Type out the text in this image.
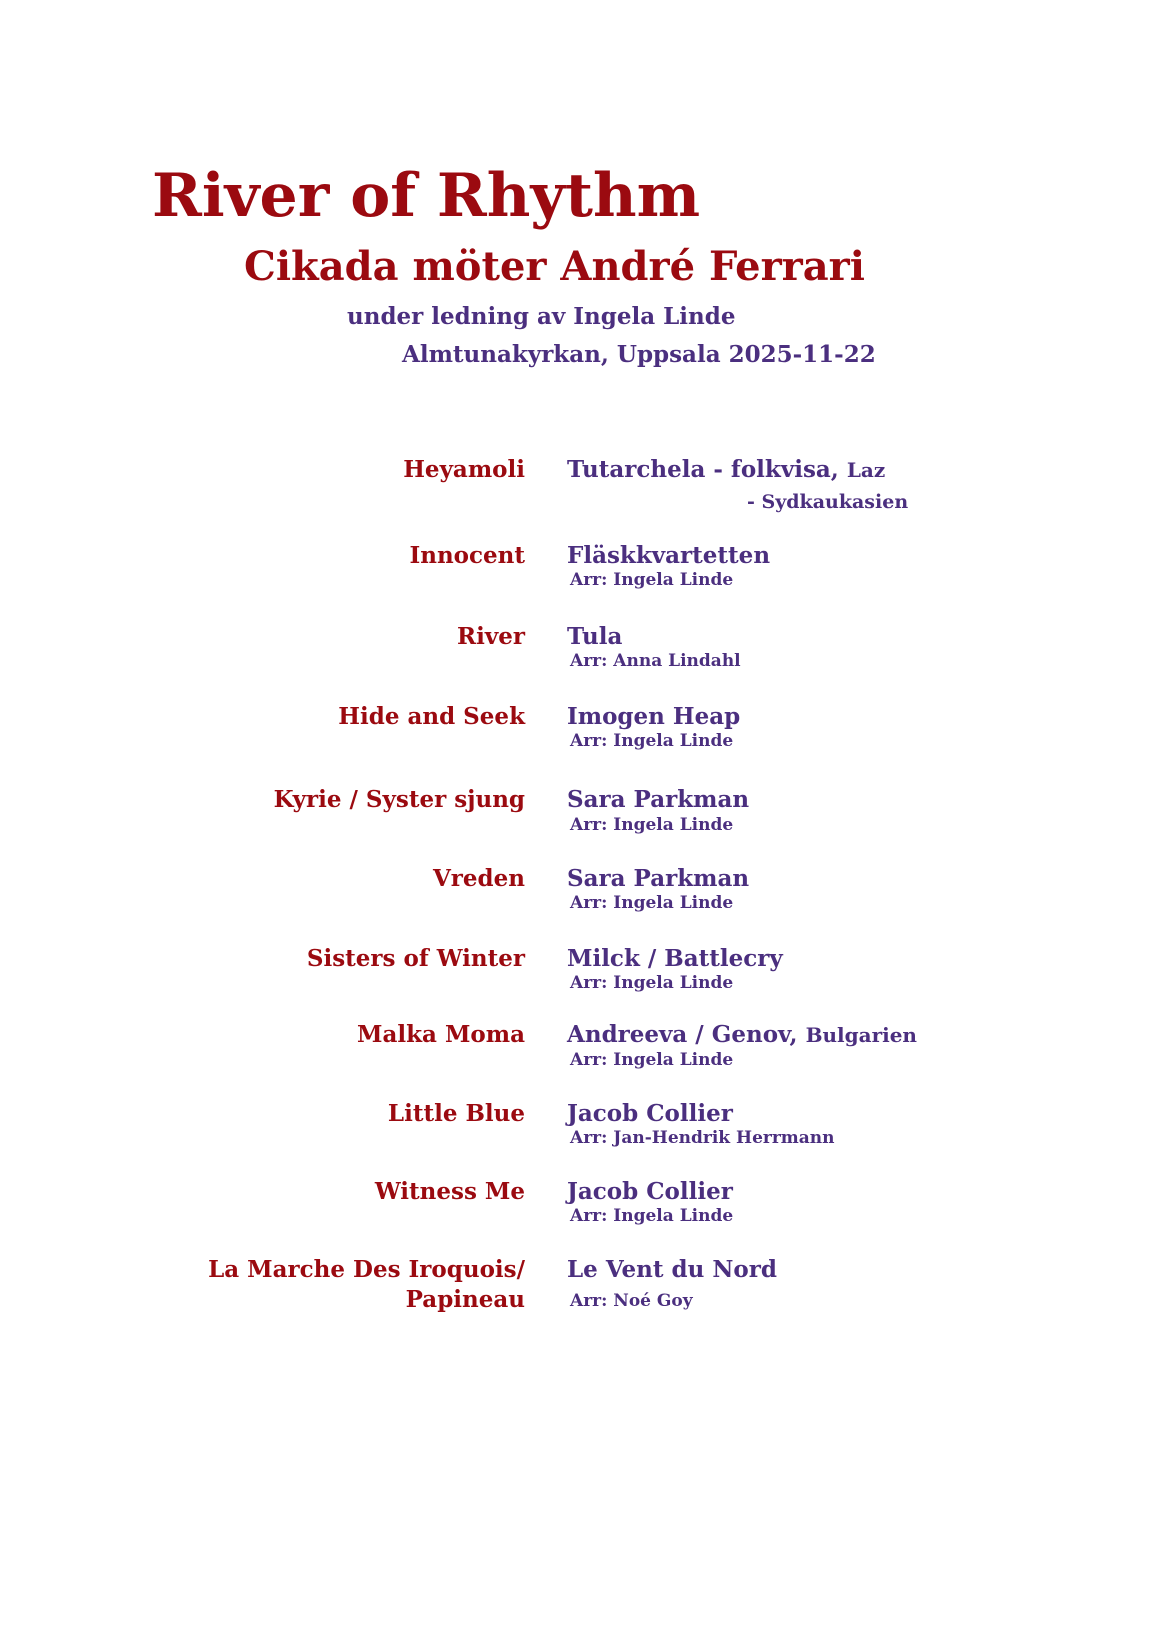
River of Rhythm
Cikada möter André Ferrari
under ledning av Ingela Linde
Almtunakyrkan, Uppsala 2025-11-22
Heyamoli Tutarchela - folkvisa, Laz
- Sydkaukasien
Innocent Fläskkvartetten
Arr: Ingela Linde
River Tula
Arr: Anna Lindahl
Hide and Seek Imogen Heap
Arr: Ingela Linde
Kyrie / Syster sjung Sara Parkman
Arr: Ingela Linde
Vreden Sara Parkman
Arr: Ingela Linde
Sisters of Winter Milck / Battlecry
Arr: Ingela Linde
Malka Moma Andreeva / Genov, Bulgarien
Arr: Ingela Linde
Little Blue Jacob Collier
Arr: Jan-Hendrik Herrmann
Witness Me Jacob Collier
Arr: Ingela Linde
La Marche Des Iroquois/
Papineau
Le Vent du Nord
Arr: Noé Goy
